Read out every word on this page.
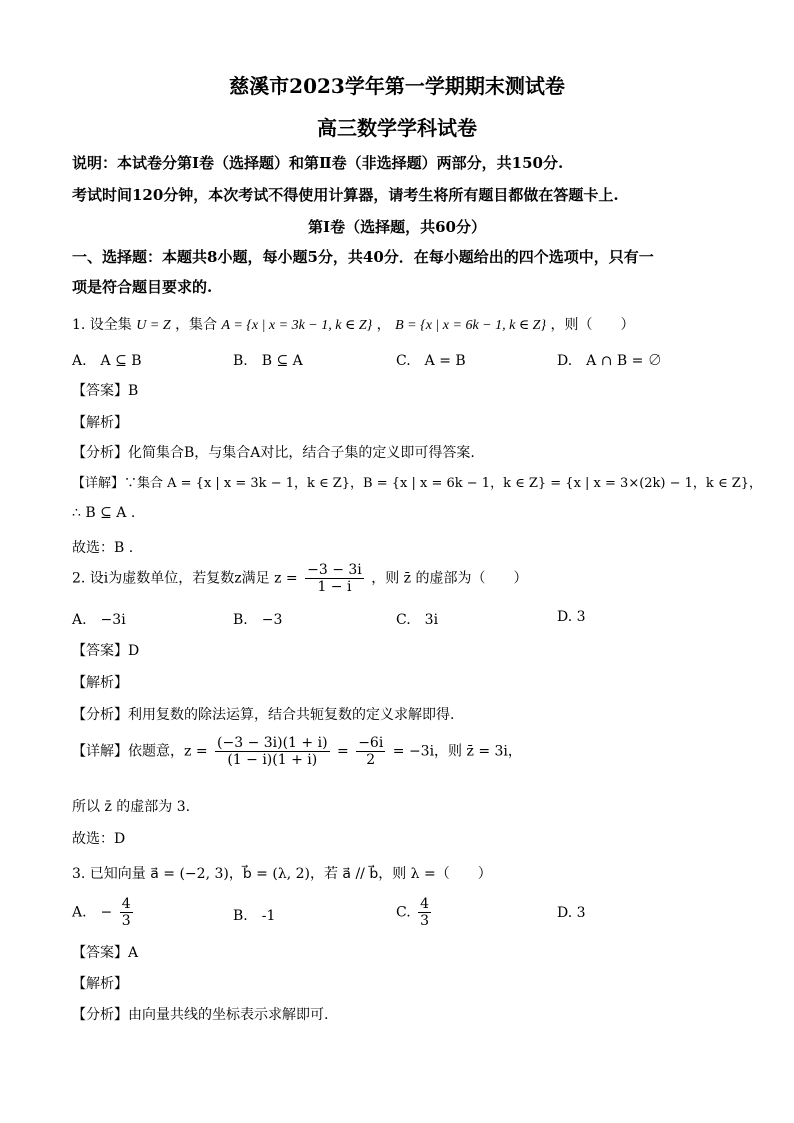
慈溪市2023学年第一学期期末测试卷
高三数学学科试卷
说明：本试卷分第Ⅰ卷（选择题）和第Ⅱ卷（非选择题）两部分，共150分.
考试时间120分钟，本次考试不得使用计算器，请考生将所有题目都做在答题卡上.
第Ⅰ卷（选择题，共60分）
一、选择题：本题共8小题，每小题5分，共40分．在每小题给出的四个选项中，只有一
项是符合题目要求的.
1. 设全集 U = Z ，集合 A = {x | x = 3k − 1, k ∈ Z} ， B = {x | x = 6k − 1, k ∈ Z} ，则（　　）
A.　A ⊆ B	B.　B ⊆ A	C.　A = B	D.　A ∩ B = ∅
【答案】B
【解析】
【分析】化简集合B，与集合A对比，结合子集的定义即可得答案.
【详解】∵集合 A = {x | x = 3k − 1，k ∈ Z}，B = {x | x = 6k − 1，k ∈ Z} = {x | x = 3×(2k) − 1，k ∈ Z}，
∴ B ⊆ A .
故选：B .
2. 设i为虚数单位，若复数z满足 $z = \frac{-3 - 3i}{1 - i}$ ，则 z̄ 的虚部为（　　）
A.　−3i	B.　−3	C.　3i	D. 3
【答案】D
【解析】
【分析】利用复数的除法运算，结合共轭复数的定义求解即得.
【详解】依题意，$z = \frac{(-3 - 3i)(1 + i)}{(1 - i)(1 + i)} = \frac{-6i}{2} = -3i$，则 z̄ = 3i，
所以 z̄ 的虚部为 3.
故选：D
3. 已知向量 a⃗ = (−2, 3)，b⃗ = (λ, 2)，若 a⃗ // b⃗，则 λ =（　　）
A.　− $\frac{4}{3}$	B.　-1	C. $\frac{4}{3}$	D. 3
【答案】A
【解析】
【分析】由向量共线的坐标表示求解即可.
